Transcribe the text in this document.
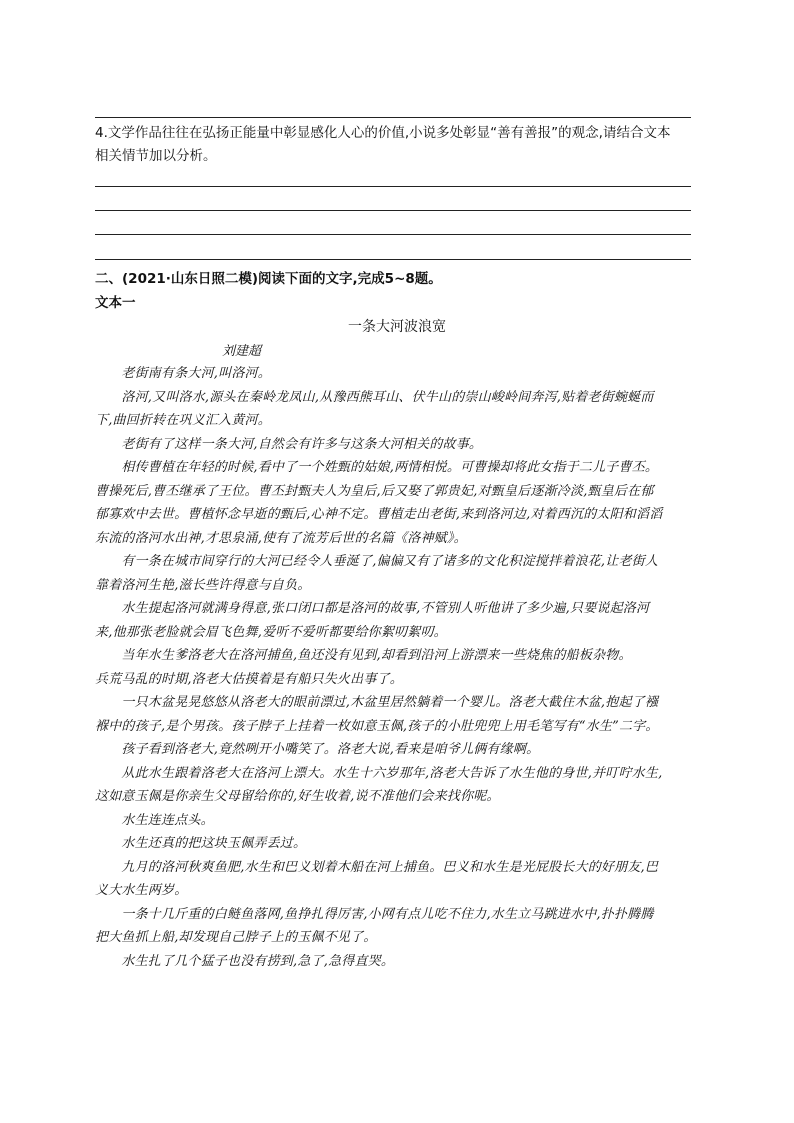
4.文学作品往往在弘扬正能量中彰显感化人心的价值,小说多处彰显“善有善报”的观念,请结合文本
相关情节加以分析。
二、(2021·山东日照二模)阅读下面的文字,完成5~8题。
文本一
一条大河波浪宽
刘建超
　　老街南有条大河,叫洛河。
　　洛河,又叫洛水,源头在秦岭龙凤山,从豫西熊耳山、伏牛山的崇山峻岭间奔泻,贴着老街蜿蜒而
下,曲回折转在巩义汇入黄河。
　　老街有了这样一条大河,自然会有许多与这条大河相关的故事。
　　相传曹植在年轻的时候,看中了一个姓甄的姑娘,两情相悦。可曹操却将此女指于二儿子曹丕。
曹操死后,曹丕继承了王位。曹丕封甄夫人为皇后,后又娶了郭贵妃,对甄皇后逐渐冷淡,甄皇后在郁
郁寡欢中去世。曹植怀念早逝的甄后,心神不定。曹植走出老街,来到洛河边,对着西沉的太阳和滔滔
东流的洛河水出神,才思泉涌,使有了流芳后世的名篇《洛神赋》。
　　有一条在城市间穿行的大河已经令人垂涎了,偏偏又有了诸多的文化积淀搅拌着浪花,让老街人
靠着洛河生艳,滋长些许得意与自负。
　　水生提起洛河就满身得意,张口闭口都是洛河的故事,不管别人听他讲了多少遍,只要说起洛河
来,他那张老脸就会眉飞色舞,爱听不爱听都要给你絮叨絮叨。
　　当年水生爹洛老大在洛河捕鱼,鱼还没有见到,却看到沿河上游漂来一些烧焦的船板杂物。
兵荒马乱的时期,洛老大估摸着是有船只失火出事了。
　　一只木盆晃晃悠悠从洛老大的眼前漂过,木盆里居然躺着一个婴儿。洛老大截住木盆,抱起了襁
褓中的孩子,是个男孩。孩子脖子上挂着一枚如意玉佩,孩子的小肚兜兜上用毛笔写有“水生”二字。
　　孩子看到洛老大,竟然咧开小嘴笑了。洛老大说,看来是咱爷儿俩有缘啊。
　　从此水生跟着洛老大在洛河上漂大。水生十六岁那年,洛老大告诉了水生他的身世,并叮咛水生,
这如意玉佩是你亲生父母留给你的,好生收着,说不准他们会来找你呢。
　　水生连连点头。
　　水生还真的把这块玉佩弄丢过。
　　九月的洛河秋爽鱼肥,水生和巴义划着木船在河上捕鱼。巴义和水生是光屁股长大的好朋友,巴
义大水生两岁。
　　一条十几斤重的白鲢鱼落网,鱼挣扎得厉害,小网有点儿吃不住力,水生立马跳进水中,扑扑腾腾
把大鱼抓上船,却发现自己脖子上的玉佩不见了。
　　水生扎了几个猛子也没有捞到,急了,急得直哭。
